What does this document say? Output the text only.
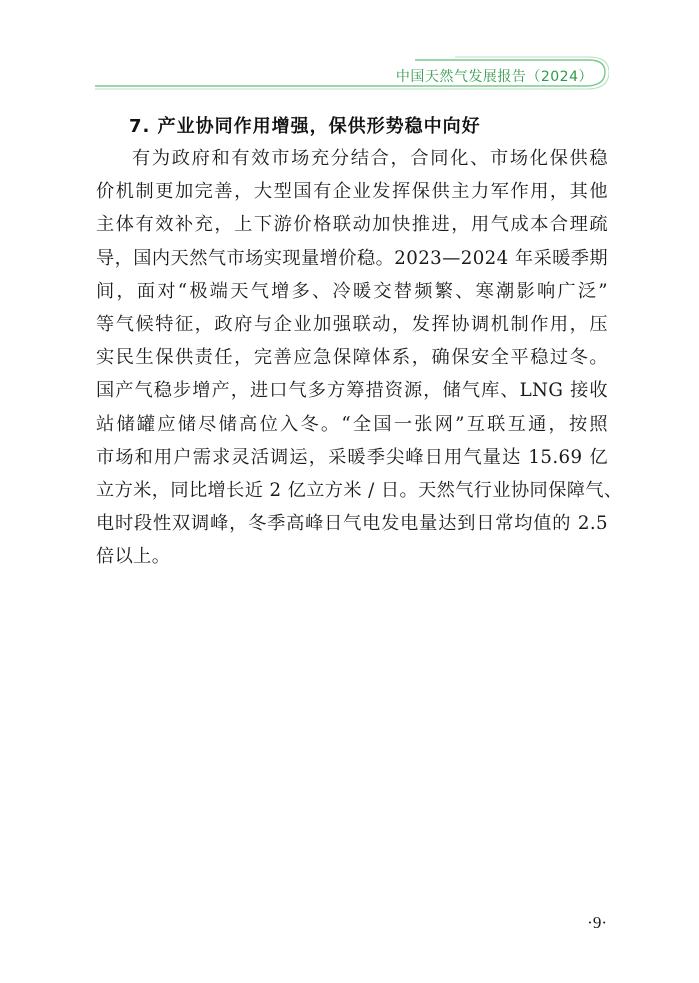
中国天然气发展报告（2024）
7. 产业协同作用增强，保供形势稳中向好
有为政府和有效市场充分结合，合同化、市场化保供稳
价机制更加完善，大型国有企业发挥保供主力军作用，其他
主体有效补充，上下游价格联动加快推进，用气成本合理疏
导，国内天然气市场实现量增价稳。2023—2024 年采暖季期
间，面对“极端天气增多、冷暖交替频繁、寒潮影响广泛”
等气候特征，政府与企业加强联动，发挥协调机制作用，压
实民生保供责任，完善应急保障体系，确保安全平稳过冬。
国产气稳步增产，进口气多方筹措资源，储气库、LNG 接收
站储罐应储尽储高位入冬。“全国一张网”互联互通，按照
市场和用户需求灵活调运，采暖季尖峰日用气量达 15.69 亿
立方米，同比增长近 2 亿立方米 / 日。天然气行业协同保障气、
电时段性双调峰，冬季高峰日气电发电量达到日常均值的 2.5
倍以上。
·9·
